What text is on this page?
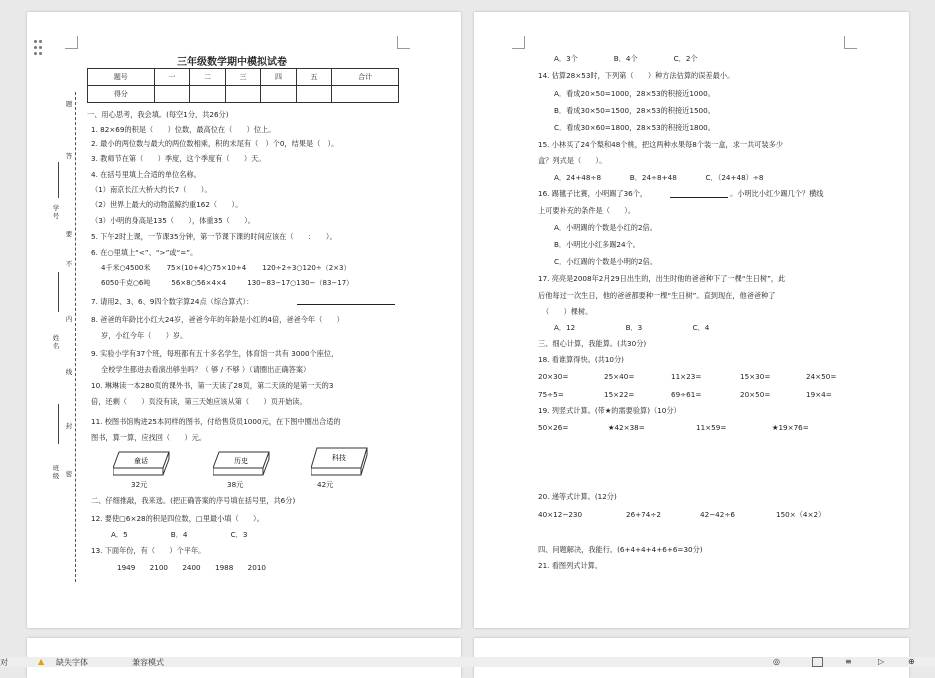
三年级数学期中模拟试卷
题号	一	二	三	四	五	合计
得分						
题
答
学号
要
不
内
线
姓名
封
密
班级
一、用心思考，我会填。(每空1分，共26分)
1. 82×69的积是（　　）位数，最高位在（　　）位上。
2. 最小的两位数与最大的两位数相乘，积的末尾有（　）个0，结果是（　）。
3. 教师节在第（　　）季度，这个季度有（　　）天。
4. 在括号里填上合适的单位名称。
（1）南京长江大桥大约长7（　　）。
（2）世界上最大的动物蓝鲸约重162（　　）。
（3）小明的身高是135（　　），体重35（　　）。
5. 下午2时上课，一节课35分钟，第一节课下课的时间应该在（　　：　　）。
6. 在○里填上“<”、“>”或“=”。
4千米○4500米　　 75×(10+4)○75×10+4　　 120÷2÷3○120÷（2×3）
6050千克○6吨　　　56×8○56×4×4　　　130−83−17○130−（83−17）
7. 请用2、3、6、9四个数字算24点（综合算式）：
8. 爸爸的年龄比小红大24岁，爸爸今年的年龄是小红的4倍，爸爸今年（　　）
岁，小红今年（　　）岁。
9. 实验小学有37个班，每班都有五十多名学生，体育馆一共有 3000个座位，
全校学生都进去看演出够坐吗？（ 够 / 不够 ）（请圈出正确答案）
10. 琳琳读一本280页的课外书，第一天读了28页，第二天读的是第一天的3
倍，还剩（　　）页没有读，第三天她应该从第（　　）页开始读。
11. 校图书馆购进25本同样的图书，付给售货员1000元，在下图中圈出合适的
图书，算一算，应找回（　　）元。
童话
32元
历史
38元
科技
42元
二、仔细推敲，我来选。(把正确答案的序号填在括号里，共6分)
12. 要使□6×28的积是四位数，□里最小填（　　）。
A．5　　　　　　B．4　　　　　　C．3
13. 下面年份，有（　　）个平年。
1949　　2100　　2400　　1988　　2010
A．3个　　　　　B．4个　　　　　C．2个
14. 估算28×53时，下列第（　　）种方法估算的误差最小。
A．看成20×50=1000，28×53的积接近1000。
B．看成30×50=1500，28×53的积接近1500。
C．看成30×60=1800，28×53的积接近1800。
15. 小林买了24个梨和48个桃，把这两种水果每8个装一盒，求一共可装多少
盒？列式是（　　）。
A．24+48÷8　　　　B．24÷8+48　　　　C．（24+48）÷8
16. 踢毽子比赛，小明踢了36个，	。小明比小红少踢几个？横线
上可要补充的条件是（　　）。
A．小明踢的个数是小红的2倍。
B．小明比小红多踢24个。
C．小红踢的个数是小明的2倍。
17. 亮亮是2008年2月29日出生的，出生时他的爸爸种下了一棵“生日树”，此
后他每过一次生日，他的爸爸都要种一棵“生日树”。直到现在，他爸爸种了
（　　）棵树。
A．12　　　　　　　B．3　　　　　　　C．4
三、细心计算，我能算。(共30分)
18. 看谁算得快。(共10分)
20×30=	25×40=	11×23=	15×30=	24×50=
75÷5=	15×22=	69÷61=	20×50=	19×4=
19. 列竖式计算。(带★的需要验算)（10分）
50×26=	★42×38=	11×59=	★19×76=
20. 递等式计算。(12分)
40×12−230	26+74÷2	42−42÷6	150×（4×2）
四、问题解决，我能行。(6+4+4+4+6+6=30分)
21. 看图列式计算。
对	▲ 缺失字体	兼容模式	◎	≡	▷	⊕
